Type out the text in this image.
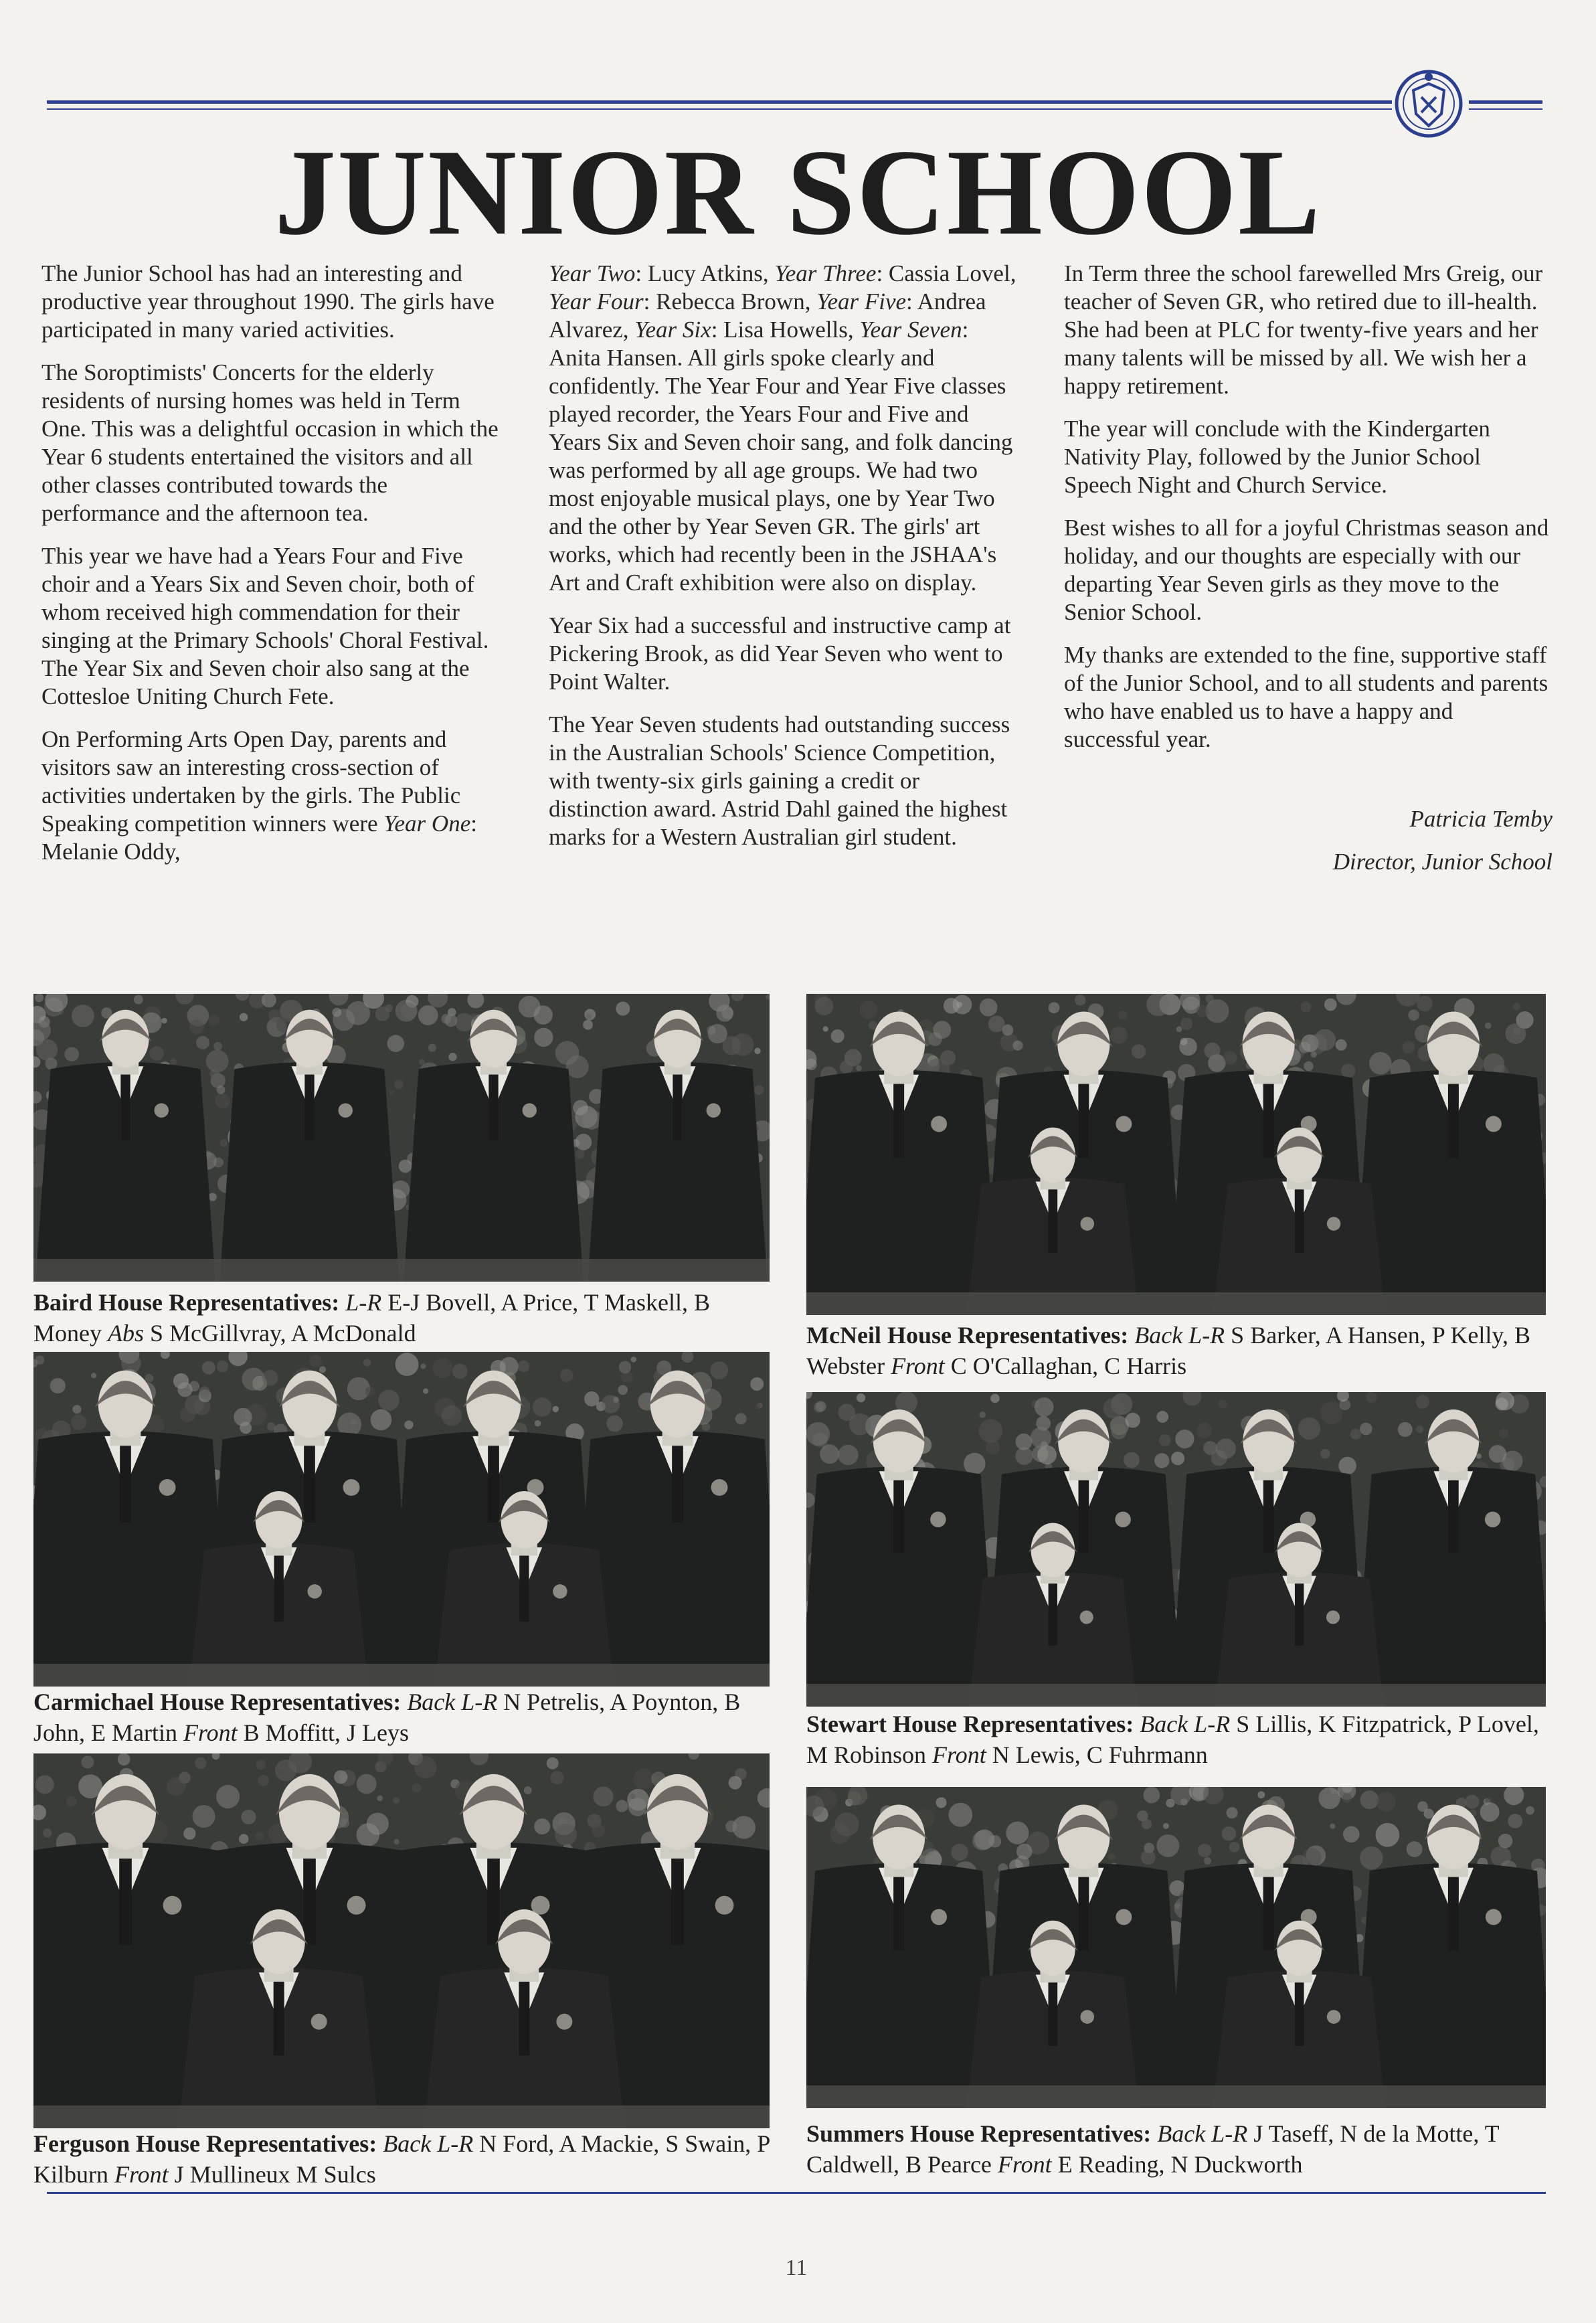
JUNIOR SCHOOL

The Junior School has had an interesting and productive year throughout 1990. The girls have participated in many varied activities.

The Soroptimists' Concerts for the elderly residents of nursing homes was held in Term One. This was a delightful occasion in which the Year 6 students entertained the visitors and all other classes contributed towards the performance and the afternoon tea.

This year we have had a Years Four and Five choir and a Years Six and Seven choir, both of whom received high commendation for their singing at the Primary Schools' Choral Festival. The Year Six and Seven choir also sang at the Cottesloe Uniting Church Fete.

On Performing Arts Open Day, parents and visitors saw an interesting cross-section of activities undertaken by the girls. The Public Speaking competition winners were Year One: Melanie Oddy,

Year Two: Lucy Atkins, Year Three: Cassia Lovel, Year Four: Rebecca Brown, Year Five: Andrea Alvarez, Year Six: Lisa Howells, Year Seven: Anita Hansen. All girls spoke clearly and confidently. The Year Four and Year Five classes played recorder, the Years Four and Five and Years Six and Seven choir sang, and folk dancing was performed by all age groups. We had two most enjoyable musical plays, one by Year Two and the other by Year Seven GR. The girls' art works, which had recently been in the JSHAA's Art and Craft exhibition were also on display.

Year Six had a successful and instructive camp at Pickering Brook, as did Year Seven who went to Point Walter.

The Year Seven students had outstanding success in the Australian Schools' Science Competition, with twenty-six girls gaining a credit or distinction award. Astrid Dahl gained the highest marks for a Western Australian girl student.

In Term three the school farewelled Mrs Greig, our teacher of Seven GR, who retired due to ill-health. She had been at PLC for twenty-five years and her many talents will be missed by all. We wish her a happy retirement.

The year will conclude with the Kindergarten Nativity Play, followed by the Junior School Speech Night and Church Service.

Best wishes to all for a joyful Christmas season and holiday, and our thoughts are especially with our departing Year Seven girls as they move to the Senior School.

My thanks are extended to the fine, supportive staff of the Junior School, and to all students and parents who have enabled us to have a happy and successful year.

Patricia Temby

Director, Junior School

Baird House Representatives: L-R E-J Bovell, A Price, T Maskell, B Money Abs S McGillvray, A McDonald
Carmichael House Representatives: Back L-R N Petrelis, A Poynton, B John, E Martin Front B Moffitt, J Leys
Ferguson House Representatives: Back L-R N Ford, A Mackie, S Swain, P Kilburn Front J Mullineux M Sulcs
McNeil House Representatives: Back L-R S Barker, A Hansen, P Kelly, B Webster Front C O'Callaghan, C Harris
Stewart House Representatives: Back L-R S Lillis, K Fitzpatrick, P Lovel, M Robinson Front N Lewis, C Fuhrmann
Summers House Representatives: Back L-R J Taseff, N de la Motte, T Caldwell, B Pearce Front E Reading, N Duckworth
11
